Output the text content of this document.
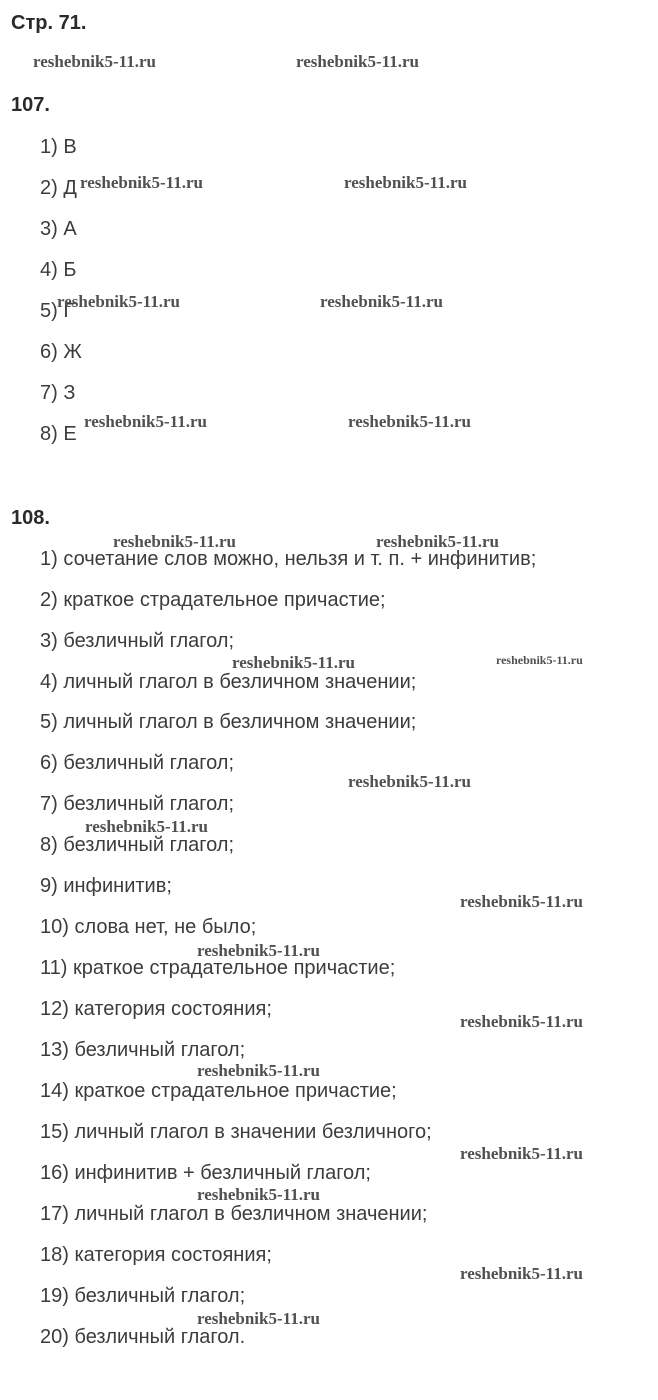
Стр. 71.
107.
1) В
2) Д
3) А
4) Б
5) Г
6) Ж
7) З
8) Е
108.
1) сочетание слов можно, нельзя и т. п. + инфинитив;
2) краткое страдательное причастие;
3) безличный глагол;
4) личный глагол в безличном значении;
5) личный глагол в безличном значении;
6) безличный глагол;
7) безличный глагол;
8) безличный глагол;
9) инфинитив;
10) слова нет, не было;
11) краткое страдательное причастие;
12) категория состояния;
13) безличный глагол;
14) краткое страдательное причастие;
15) личный глагол в значении безличного;
16) инфинитив + безличный глагол;
17) личный глагол в безличном значении;
18) категория состояния;
19) безличный глагол;
20) безличный глагол.
reshebnik5-11.ru	reshebnik5-11.ru
reshebnik5-11.ru	reshebnik5-11.ru
reshebnik5-11.ru	reshebnik5-11.ru
reshebnik5-11.ru	reshebnik5-11.ru
reshebnik5-11.ru	reshebnik5-11.ru
reshebnik5-11.ru	reshebnik5-11.ru
reshebnik5-11.ru
reshebnik5-11.ru
reshebnik5-11.ru
reshebnik5-11.ru
reshebnik5-11.ru
reshebnik5-11.ru
reshebnik5-11.ru
reshebnik5-11.ru
reshebnik5-11.ru
reshebnik5-11.ru
